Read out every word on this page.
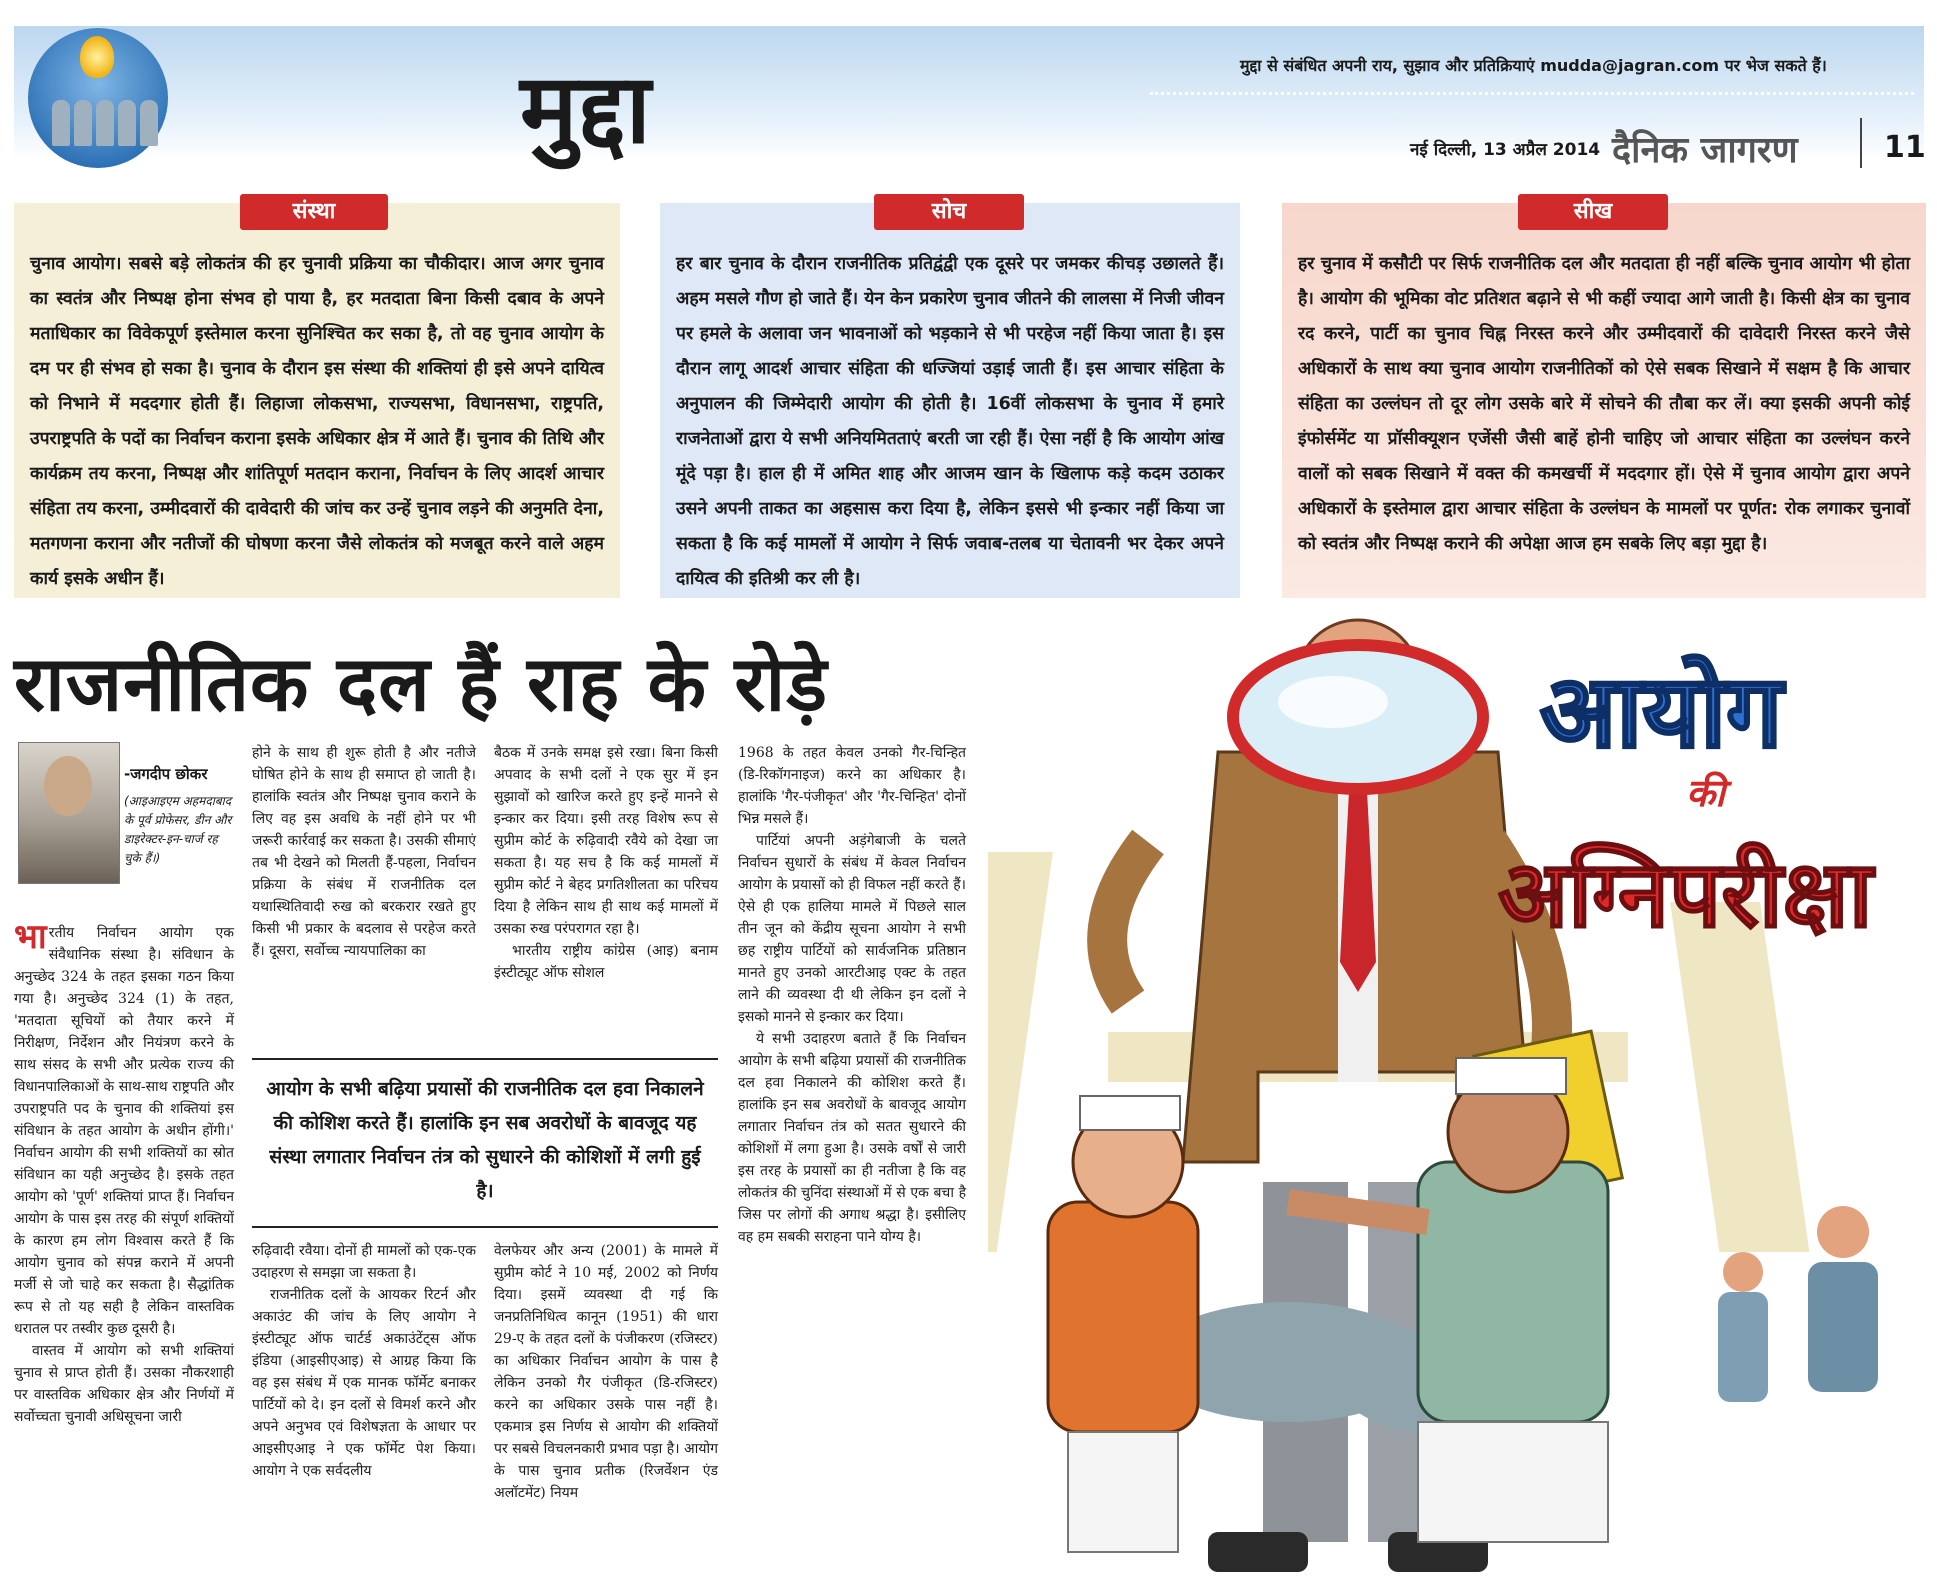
मुद्दा	मुद्दा से संबंधित अपनी राय, सुझाव और प्रतिक्रियाएं mudda@jagran.com पर भेज सकते हैं।
नई दिल्ली, 13 अप्रैल 2014 दैनिक जागरण	11

चुनाव आयोग। सबसे बड़े लोकतंत्र की हर चुनावी प्रक्रिया का चौकीदार। आज अगर चुनाव का स्वतंत्र और निष्पक्ष होना संभव हो पाया है, हर मतदाता बिना किसी दबाव के अपने मताधिकार का विवेकपूर्ण इस्तेमाल करना सुनिश्चित कर सका है, तो वह चुनाव आयोग के दम पर ही संभव हो सका है। चुनाव के दौरान इस संस्था की शक्तियां ही इसे अपने दायित्व को निभाने में मददगार होती हैं। लिहाजा लोकसभा, राज्यसभा, विधानसभा, राष्ट्रपति, उपराष्ट्रपति के पदों का निर्वाचन कराना इसके अधिकार क्षेत्र में आते हैं। चुनाव की तिथि और कार्यक्रम तय करना, निष्पक्ष और शांतिपूर्ण मतदान कराना, निर्वाचन के लिए आदर्श आचार संहिता तय करना, उम्मीदवारों की दावेदारी की जांच कर उन्हें चुनाव लड़ने की अनुमति देना, मतगणना कराना और नतीजों की घोषणा करना जैसे लोकतंत्र को मजबूत करने वाले अहम कार्य इसके अधीन हैं।

संस्था

हर बार चुनाव के दौरान राजनीतिक प्रतिद्वंद्वी एक दूसरे पर जमकर कीचड़ उछालते हैं। अहम मसले गौण हो जाते हैं। येन केन प्रकारेण चुनाव जीतने की लालसा में निजी जीवन पर हमले के अलावा जन भावनाओं को भड़काने से भी परहेज नहीं किया जाता है। इस दौरान लागू आदर्श आचार संहिता की धज्जियां उड़ाई जाती हैं। इस आचार संहिता के अनुपालन की जिम्मेदारी आयोग की होती है। 16वीं लोकसभा के चुनाव में हमारे राजनेताओं द्वारा ये सभी अनियमितताएं बरती जा रही हैं। ऐसा नहीं है कि आयोग आंख मूंदे पड़ा है। हाल ही में अमित शाह और आजम खान के खिलाफ कड़े कदम उठाकर उसने अपनी ताकत का अहसास करा दिया है, लेकिन इससे भी इन्कार नहीं किया जा सकता है कि कई मामलों में आयोग ने सिर्फ जवाब-तलब या चेतावनी भर देकर अपने दायित्व की इतिश्री कर ली है।

सोच

हर चुनाव में कसौटी पर सिर्फ राजनीतिक दल और मतदाता ही नहीं बल्कि चुनाव आयोग भी होता है। आयोग की भूमिका वोट प्रतिशत बढ़ाने से भी कहीं ज्यादा आगे जाती है। किसी क्षेत्र का चुनाव रद करने, पार्टी का चुनाव चिह्न निरस्त करने और उम्मीदवारों की दावेदारी निरस्त करने जैसे अधिकारों के साथ क्या चुनाव आयोग राजनीतिकों को ऐसे सबक सिखाने में सक्षम है कि आचार संहिता का उल्लंघन तो दूर लोग उसके बारे में सोचने की तौबा कर लें। क्या इसकी अपनी कोई इंफोर्समेंट या प्रॉसीक्यूशन एजेंसी जैसी बाहें होनी चाहिए जो आचार संहिता का उल्लंघन करने वालों को सबक सिखाने में वक्त की कमखर्ची में मददगार हों। ऐसे में चुनाव आयोग द्वारा अपने अधिकारों के इस्तेमाल द्वारा आचार संहिता के उल्लंघन के मामलों पर पूर्णत: रोक लगाकर चुनावों को स्वतंत्र और निष्पक्ष कराने की अपेक्षा आज हम सबके लिए बड़ा मुद्दा है।

सीख
राजनीतिक दल हैं राह के रोड़े
-जगदीप छोकर
(आइआइएम अहमदाबाद के पूर्व प्रोफेसर, डीन और डाइरेक्टर-इन-चार्ज रह चुके हैं।)

भारतीय निर्वाचन आयोग एक संवैधानिक संस्था है। संविधान के अनुच्छेद 324 के तहत इसका गठन किया गया है। अनुच्छेद 324 (1) के तहत, 'मतदाता सूचियों को तैयार करने में निरीक्षण, निर्देशन और नियंत्रण करने के साथ संसद के सभी और प्रत्येक राज्य की विधानपालिकाओं के साथ-साथ राष्ट्रपति और उपराष्ट्रपति पद के चुनाव की शक्तियां इस संविधान के तहत आयोग के अधीन होंगी।' निर्वाचन आयोग की सभी शक्तियों का स्रोत संविधान का यही अनुच्छेद है। इसके तहत आयोग को 'पूर्ण' शक्तियां प्राप्त हैं। निर्वाचन आयोग के पास इस तरह की संपूर्ण शक्तियों के कारण हम लोग विश्वास करते हैं कि आयोग चुनाव को संपन्न कराने में अपनी मर्जी से जो चाहे कर सकता है। सैद्धांतिक रूप से तो यह सही है लेकिन वास्तविक धरातल पर तस्वीर कुछ दूसरी है।

वास्तव में आयोग को सभी शक्तियां चुनाव से प्राप्त होती हैं। उसका नौकरशाही पर वास्तविक अधिकार क्षेत्र और निर्णयों में सर्वोच्चता चुनावी अधिसूचना जारी

होने के साथ ही शुरू होती है और नतीजे घोषित होने के साथ ही समाप्त हो जाती है। हालांकि स्वतंत्र और निष्पक्ष चुनाव कराने के लिए वह इस अवधि के नहीं होने पर भी जरूरी कार्रवाई कर सकता है। उसकी सीमाएं तब भी देखने को मिलती हैं-पहला, निर्वाचन प्रक्रिया के संबंध में राजनीतिक दल यथास्थितिवादी रुख को बरकरार रखते हुए किसी भी प्रकार के बदलाव से परहेज करते हैं। दूसरा, सर्वोच्च न्यायपालिका का

बैठक में उनके समक्ष इसे रखा। बिना किसी अपवाद के सभी दलों ने एक सुर में इन सुझावों को खारिज करते हुए इन्हें मानने से इन्कार कर दिया। इसी तरह विशेष रूप से सुप्रीम कोर्ट के रुढ़िवादी रवैये को देखा जा सकता है। यह सच है कि कई मामलों में सुप्रीम कोर्ट ने बेहद प्रगतिशीलता का परिचय दिया है लेकिन साथ ही साथ कई मामलों में उसका रुख परंपरागत रहा है।

भारतीय राष्ट्रीय कांग्रेस (आइ) बनाम इंस्टीट्यूट ऑफ सोशल

1968 के तहत केवल उनको गैर-चिन्हित (डि-रिकॉगनाइज) करने का अधिकार है। हालांकि 'गैर-पंजीकृत' और 'गैर-चिन्हित' दोनों भिन्न मसले हैं।

पार्टियां अपनी अड़ंगेबाजी के चलते निर्वाचन सुधारों के संबंध में केवल निर्वाचन आयोग के प्रयासों को ही विफल नहीं करते हैं। ऐसे ही एक हालिया मामले में पिछले साल तीन जून को केंद्रीय सूचना आयोग ने सभी छह राष्ट्रीय पार्टियों को सार्वजनिक प्रतिष्ठान मानते हुए उनको आरटीआइ एक्ट के तहत लाने की व्यवस्था दी थी लेकिन इन दलों ने इसको मानने से इन्कार कर दिया।

ये सभी उदाहरण बताते हैं कि निर्वाचन आयोग के सभी बढ़िया प्रयासों की राजनीतिक दल हवा निकालने की कोशिश करते हैं। हालांकि इन सब अवरोधों के बावजूद आयोग लगातार निर्वाचन तंत्र को सतत सुधारने की कोशिशों में लगा हुआ है। उसके वर्षों से जारी इस तरह के प्रयासों का ही नतीजा है कि वह लोकतंत्र की चुनिंदा संस्थाओं में से एक बचा है जिस पर लोगों की अगाध श्रद्धा है। इसीलिए वह हम सबकी सराहना पाने योग्य है।

आयोग के सभी बढ़िया प्रयासों की राजनीतिक दल हवा निकालने की कोशिश करते हैं। हालांकि इन सब अवरोधों के बावजूद यह संस्था लगातार निर्वाचन तंत्र को सुधारने की कोशिशों में लगी हुई है।

रुढ़िवादी रवैया। दोनों ही मामलों को एक-एक उदाहरण से समझा जा सकता है।

राजनीतिक दलों के आयकर रिटर्न और अकाउंट की जांच के लिए आयोग ने इंस्टीट्यूट ऑफ चार्टर्ड अकाउंटेंट्स ऑफ इंडिया (आइसीएआइ) से आग्रह किया कि वह इस संबंध में एक मानक फॉर्मेट बनाकर पार्टियों को दे। इन दलों से विमर्श करने और अपने अनुभव एवं विशेषज्ञता के आधार पर आइसीएआइ ने एक फॉर्मेट पेश किया। आयोग ने एक सर्वदलीय

वेलफेयर और अन्य (2001) के मामले में सुप्रीम कोर्ट ने 10 मई, 2002 को निर्णय दिया। इसमें व्यवस्था दी गई कि जनप्रतिनिधित्व कानून (1951) की धारा 29-ए के तहत दलों के पंजीकरण (रजिस्टर) का अधिकार निर्वाचन आयोग के पास है लेकिन उनको गैर पंजीकृत (डि-रजिस्टर) करने का अधिकार उसके पास नहीं है। एकमात्र इस निर्णय से आयोग की शक्तियों पर सबसे विचलनकारी प्रभाव पड़ा है। आयोग के पास चुनाव प्रतीक (रिजर्वेशन एंड अलॉटमेंट) नियम

आयोग
की
अग्निपरीक्षा
